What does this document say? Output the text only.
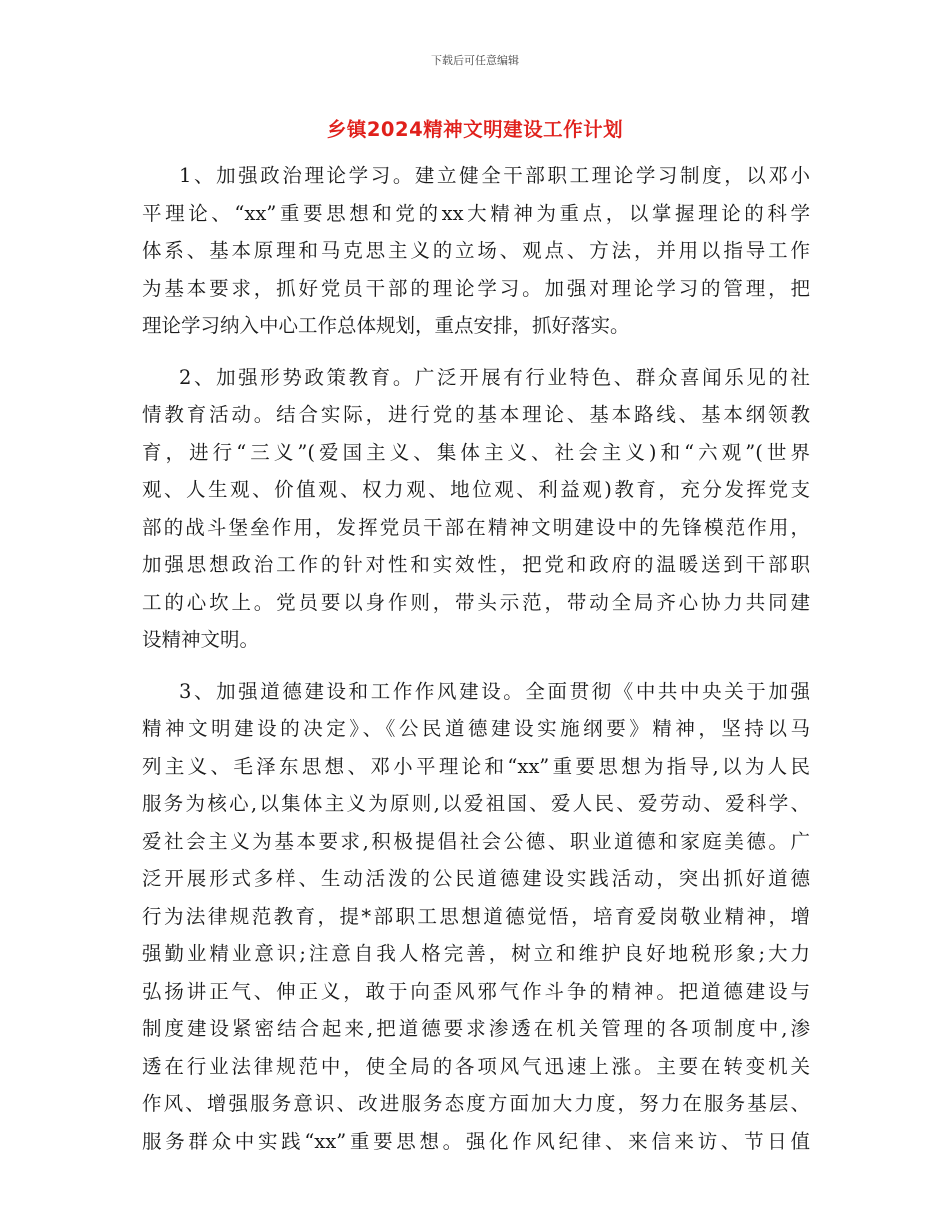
下载后可任意编辑
乡镇2024精神文明建设工作计划
1、加强政治理论学习。建立健全干部职工理论学习制度，以邓小
平理论、“xx”重要思想和党的xx大精神为重点，以掌握理论的科学
体系、基本原理和马克思主义的立场、观点、方法，并用以指导工作
为基本要求，抓好党员干部的理论学习。加强对理论学习的管理，把
理论学习纳入中心工作总体规划，重点安排，抓好落实。
2、加强形势政策教育。广泛开展有行业特色、群众喜闻乐见的社
情教育活动。结合实际，进行党的基本理论、基本路线、基本纲领教
育，进行“三义”(爱国主义、集体主义、社会主义)和“六观”(世界
观、人生观、价值观、权力观、地位观、利益观)教育，充分发挥党支
部的战斗堡垒作用，发挥党员干部在精神文明建设中的先锋模范作用，
加强思想政治工作的针对性和实效性，把党和政府的温暖送到干部职
工的心坎上。党员要以身作则，带头示范，带动全局齐心协力共同建
设精神文明。
3、加强道德建设和工作作风建设。全面贯彻《中共中央关于加强
精神文明建设的决定》、《公民道德建设实施纲要》精神，坚持以马
列主义、毛泽东思想、邓小平理论和“xx”重要思想为指导,以为人民
服务为核心,以集体主义为原则,以爱祖国、爱人民、爱劳动、爱科学、
爱社会主义为基本要求,积极提倡社会公德、职业道德和家庭美德。广
泛开展形式多样、生动活泼的公民道德建设实践活动，突出抓好道德
行为法律规范教育，提*部职工思想道德觉悟，培育爱岗敬业精神，增
强勤业精业意识;注意自我人格完善，树立和维护良好地税形象;大力
弘扬讲正气、伸正义，敢于向歪风邪气作斗争的精神。把道德建设与
制度建设紧密结合起来,把道德要求渗透在机关管理的各项制度中,渗
透在行业法律规范中，使全局的各项风气迅速上涨。主要在转变机关
作风、增强服务意识、改进服务态度方面加大力度，努力在服务基层、
服务群众中实践“xx”重要思想。强化作风纪律、来信来访、节日值
